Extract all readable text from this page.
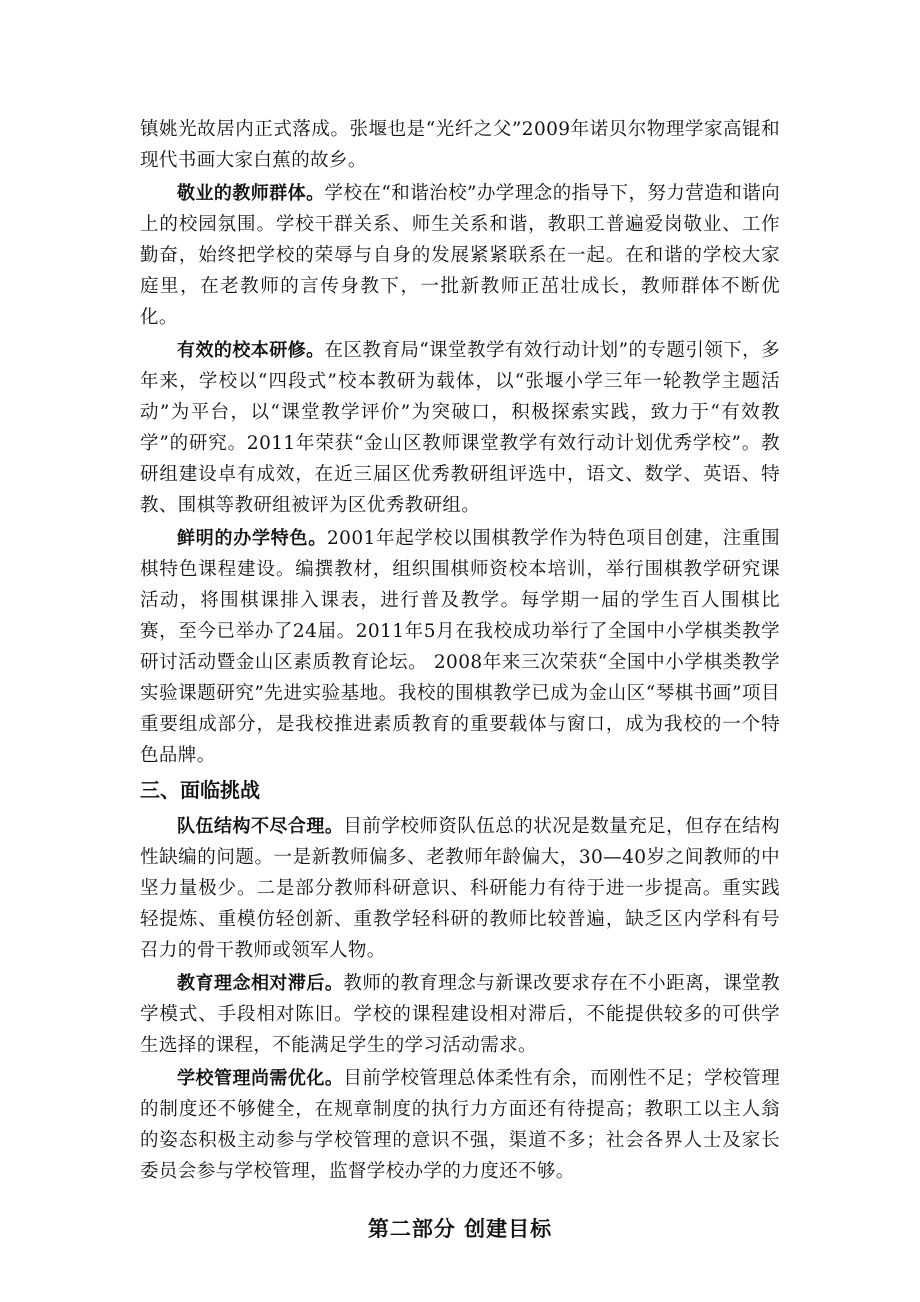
镇姚光故居内正式落成。张堰也是“光纤之父”2009年诺贝尔物理学家高锟和现代书画大家白蕉的故乡。

敬业的教师群体。学校在“和谐治校”办学理念的指导下，努力营造和谐向上的校园氛围。学校干群关系、师生关系和谐，教职工普遍爱岗敬业、工作勤奋，始终把学校的荣辱与自身的发展紧紧联系在一起。在和谐的学校大家庭里，在老教师的言传身教下，一批新教师正茁壮成长，教师群体不断优化。

有效的校本研修。在区教育局“课堂教学有效行动计划”的专题引领下，多年来，学校以“四段式”校本教研为载体，以“张堰小学三年一轮教学主题活动”为平台，以“课堂教学评价”为突破口，积极探索实践，致力于“有效教学”的研究。2011年荣获“金山区教师课堂教学有效行动计划优秀学校”。教研组建设卓有成效，在近三届区优秀教研组评选中，语文、数学、英语、特教、围棋等教研组被评为区优秀教研组。

鲜明的办学特色。2001年起学校以围棋教学作为特色项目创建，注重围棋特色课程建设。编撰教材，组织围棋师资校本培训，举行围棋教学研究课活动，将围棋课排入课表，进行普及教学。每学期一届的学生百人围棋比赛，至今已举办了24届。2011年5月在我校成功举行了全国中小学棋类教学研讨活动暨金山区素质教育论坛。 2008年来三次荣获“全国中小学棋类教学实验课题研究”先进实验基地。我校的围棋教学已成为金山区“琴棋书画”项目重要组成部分，是我校推进素质教育的重要载体与窗口，成为我校的一个特色品牌。

三、面临挑战

队伍结构不尽合理。目前学校师资队伍总的状况是数量充足，但存在结构性缺编的问题。一是新教师偏多、老教师年龄偏大，30—40岁之间教师的中坚力量极少。二是部分教师科研意识、科研能力有待于进一步提高。重实践轻提炼、重模仿轻创新、重教学轻科研的教师比较普遍，缺乏区内学科有号召力的骨干教师或领军人物。

教育理念相对滞后。教师的教育理念与新课改要求存在不小距离，课堂教学模式、手段相对陈旧。学校的课程建设相对滞后，不能提供较多的可供学生选择的课程，不能满足学生的学习活动需求。

学校管理尚需优化。目前学校管理总体柔性有余，而刚性不足；学校管理的制度还不够健全，在规章制度的执行力方面还有待提高；教职工以主人翁的姿态积极主动参与学校管理的意识不强，渠道不多；社会各界人士及家长委员会参与学校管理，监督学校办学的力度还不够。

第二部分 创建目标
